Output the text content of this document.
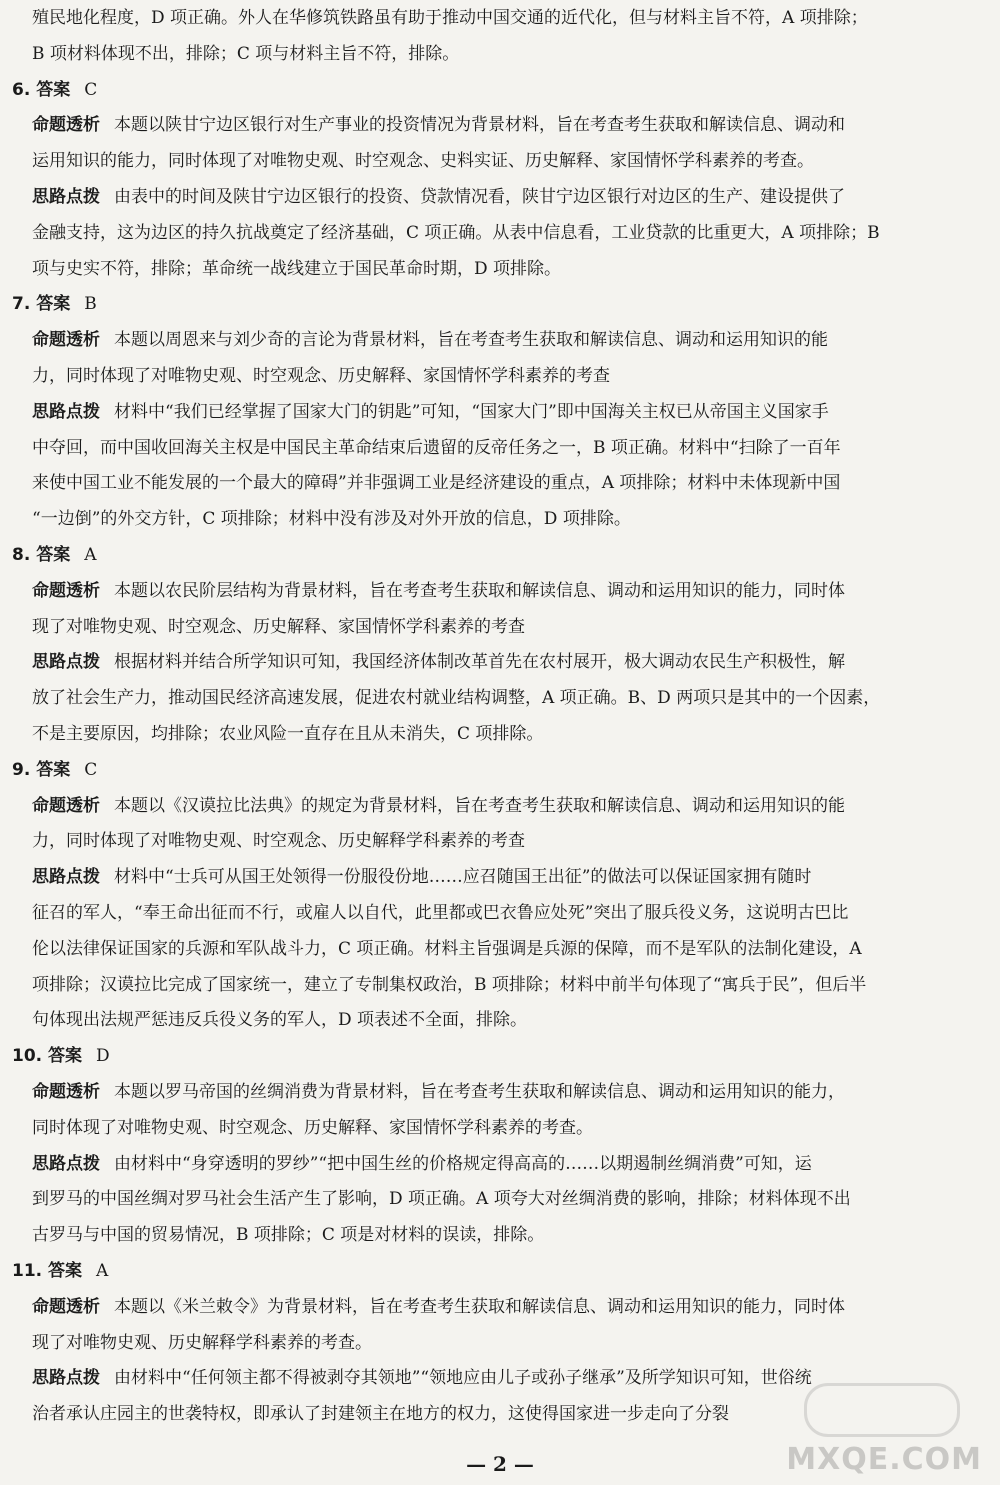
殖民地化程度，D 项正确。外人在华修筑铁路虽有助于推动中国交通的近代化，但与材料主旨不符，A 项排除；
B 项材料体现不出，排除；C 项与材料主旨不符，排除。
6. 答案 C
命题透析 本题以陕甘宁边区银行对生产事业的投资情况为背景材料，旨在考查考生获取和解读信息、调动和
运用知识的能力，同时体现了对唯物史观、时空观念、史料实证、历史解释、家国情怀学科素养的考查。
思路点拨 由表中的时间及陕甘宁边区银行的投资、贷款情况看，陕甘宁边区银行对边区的生产、建设提供了
金融支持，这为边区的持久抗战奠定了经济基础，C 项正确。从表中信息看，工业贷款的比重更大，A 项排除；B
项与史实不符，排除；革命统一战线建立于国民革命时期，D 项排除。
7. 答案 B
命题透析 本题以周恩来与刘少奇的言论为背景材料，旨在考查考生获取和解读信息、调动和运用知识的能
力，同时体现了对唯物史观、时空观念、历史解释、家国情怀学科素养的考查
思路点拨 材料中“我们已经掌握了国家大门的钥匙”可知，“国家大门”即中国海关主权已从帝国主义国家手
中夺回，而中国收回海关主权是中国民主革命结束后遗留的反帝任务之一，B 项正确。材料中“扫除了一百年
来使中国工业不能发展的一个最大的障碍”并非强调工业是经济建设的重点，A 项排除；材料中未体现新中国
“一边倒”的外交方针，C 项排除；材料中没有涉及对外开放的信息，D 项排除。
8. 答案 A
命题透析 本题以农民阶层结构为背景材料，旨在考查考生获取和解读信息、调动和运用知识的能力，同时体
现了对唯物史观、时空观念、历史解释、家国情怀学科素养的考查
思路点拨 根据材料并结合所学知识可知，我国经济体制改革首先在农村展开，极大调动农民生产积极性，解
放了社会生产力，推动国民经济高速发展，促进农村就业结构调整，A 项正确。B、D 两项只是其中的一个因素，
不是主要原因，均排除；农业风险一直存在且从未消失，C 项排除。
9. 答案 C
命题透析 本题以《汉谟拉比法典》的规定为背景材料，旨在考查考生获取和解读信息、调动和运用知识的能
力，同时体现了对唯物史观、时空观念、历史解释学科素养的考查
思路点拨 材料中“士兵可从国王处领得一份服役份地……应召随国王出征”的做法可以保证国家拥有随时
征召的军人，“奉王命出征而不行，或雇人以自代，此里都或巴衣鲁应处死”突出了服兵役义务，这说明古巴比
伦以法律保证国家的兵源和军队战斗力，C 项正确。材料主旨强调是兵源的保障，而不是军队的法制化建设，A
项排除；汉谟拉比完成了国家统一，建立了专制集权政治，B 项排除；材料中前半句体现了“寓兵于民”，但后半
句体现出法规严惩违反兵役义务的军人，D 项表述不全面，排除。
10. 答案 D
命题透析 本题以罗马帝国的丝绸消费为背景材料，旨在考查考生获取和解读信息、调动和运用知识的能力，
同时体现了对唯物史观、时空观念、历史解释、家国情怀学科素养的考查。
思路点拨 由材料中“身穿透明的罗纱”“把中国生丝的价格规定得高高的……以期遏制丝绸消费”可知，运
到罗马的中国丝绸对罗马社会生活产生了影响，D 项正确。A 项夸大对丝绸消费的影响，排除；材料体现不出
古罗马与中国的贸易情况，B 项排除；C 项是对材料的误读，排除。
11. 答案 A
命题透析 本题以《米兰敕令》为背景材料，旨在考查考生获取和解读信息、调动和运用知识的能力，同时体
现了对唯物史观、历史解释学科素养的考查。
思路点拨 由材料中“任何领主都不得被剥夺其领地”“领地应由儿子或孙子继承”及所学知识可知，世俗统
治者承认庄园主的世袭特权，即承认了封建领主在地方的权力，这使得国家进一步走向了分裂
— 2 —	MXQE.COM
